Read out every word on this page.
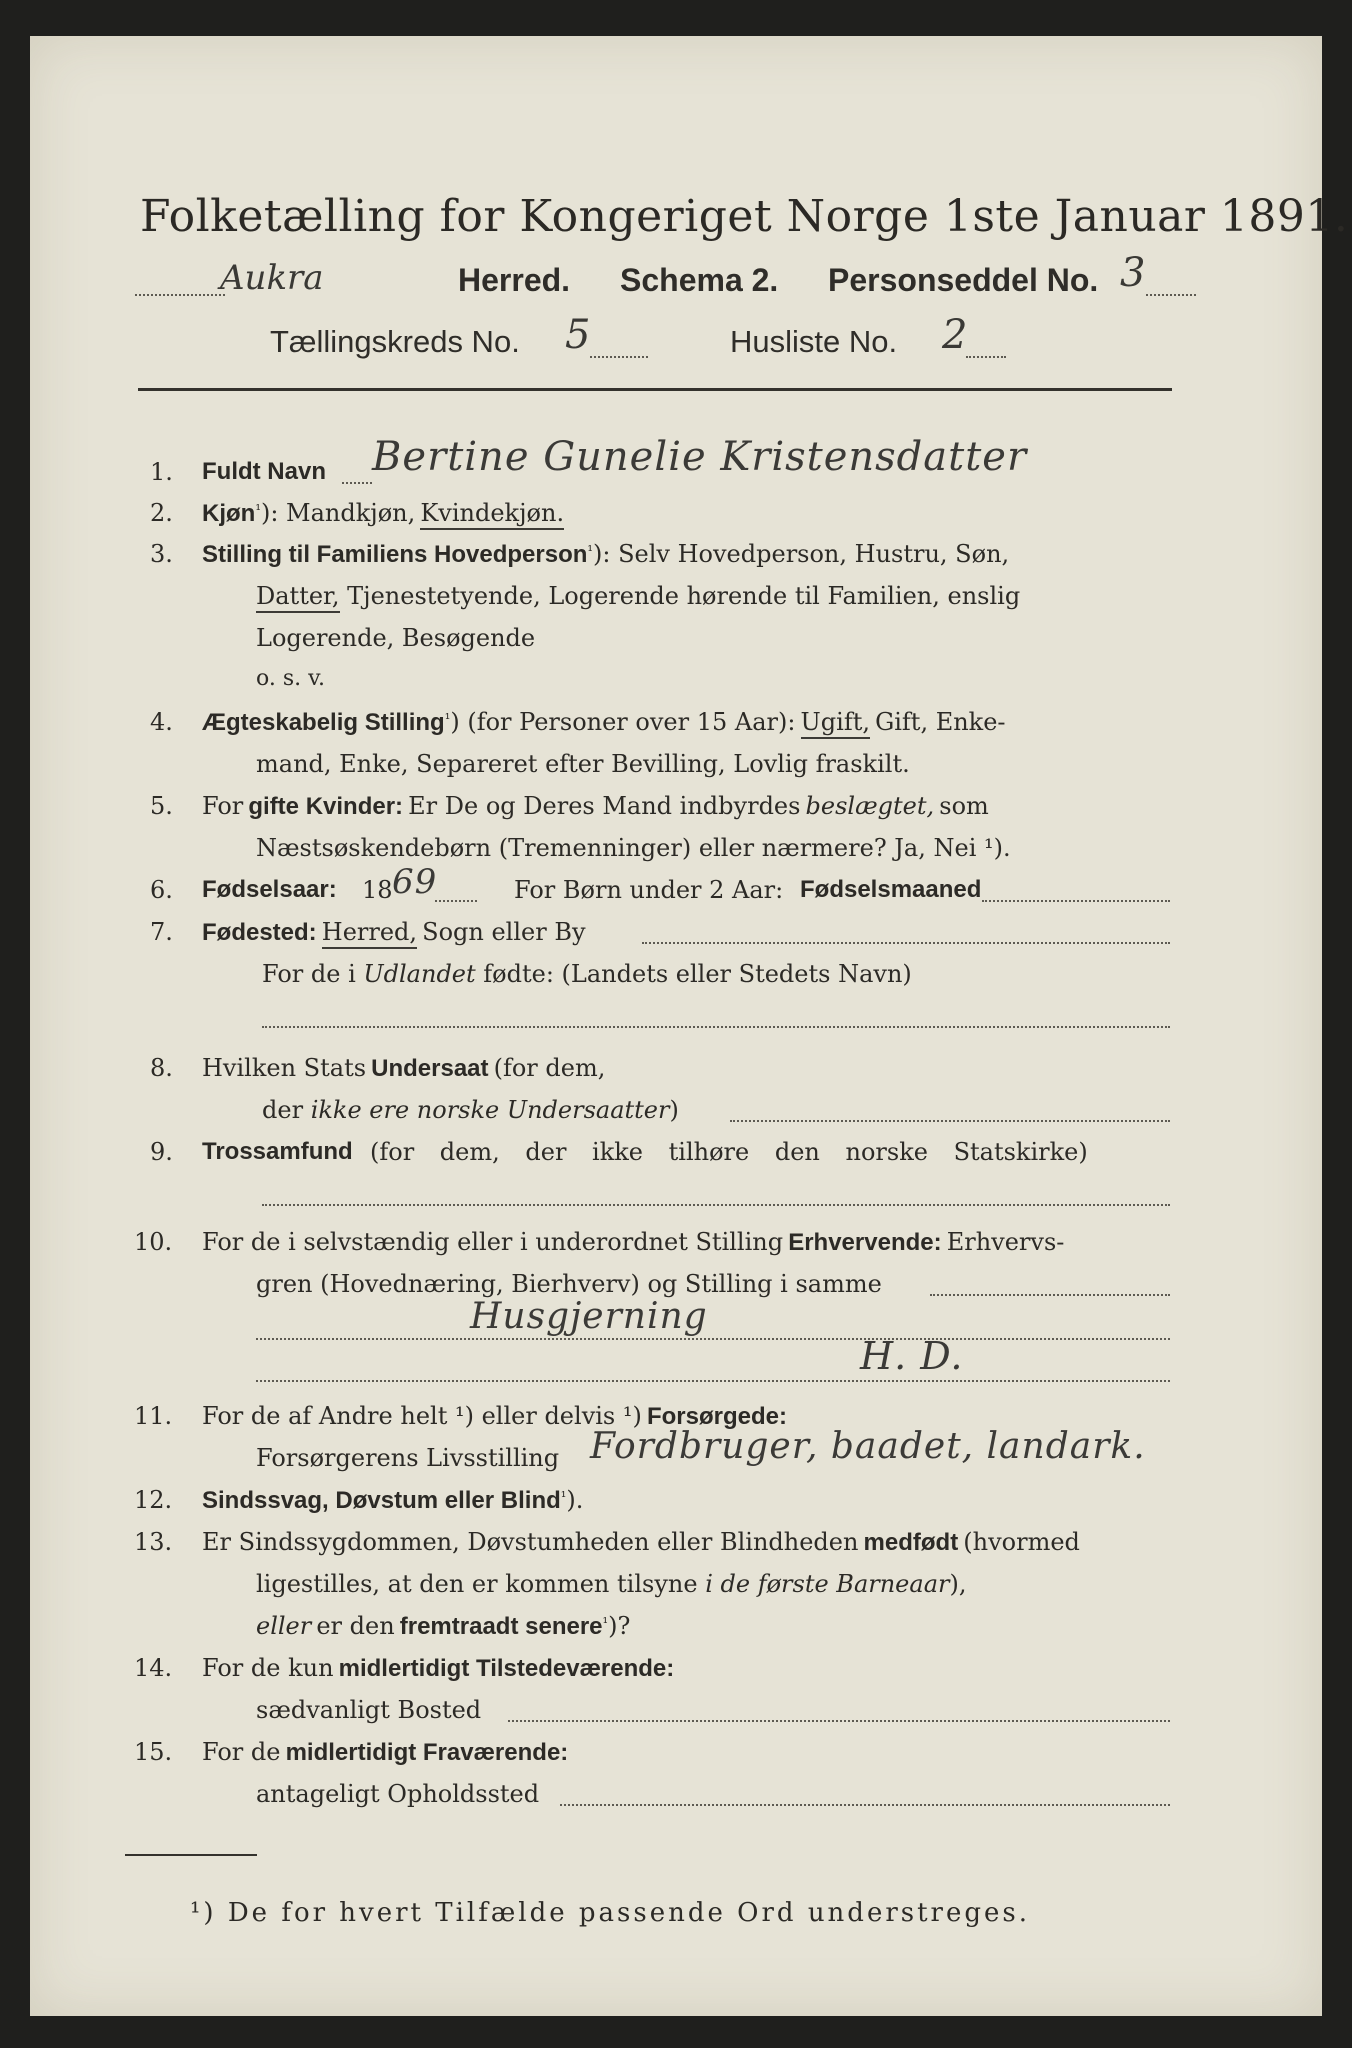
Folketælling for Kongeriget Norge 1ste Januar 1891.
Aukra	Herred. Schema 2. Personseddel No. 3
Tællingskreds No. 5	Husliste No. 2
1. Fuldt Navn Bertine Gunelie Kristensdatter
2. Kjøn$^{^1}$): Mandkjøn, Kvindekjøn.
3. Stilling til Familiens Hovedperson$^{^1}$): Selv Hovedperson, Hustru, Søn,
Datter, Tjenestetyende, Logerende hørende til Familien, enslig
Logerende, Besøgende
o. s. v.
4. Ægteskabelig Stilling$^{^1}$) (for Personer over 15 Aar): Ugift, Gift, Enke-
mand, Enke, Separeret efter Bevilling, Lovlig fraskilt.
5. For gifte Kvinder: Er De og Deres Mand indbyrdes beslægtet, som
Næstsøskendebørn (Tremenninger) eller nærmere? Ja, Nei ¹).
6. Fødselsaar: 18 69	For Børn under 2 Aar: Fødselsmaaned
7. Fødested: Herred, Sogn eller By
For de i Udlandet fødte: (Landets eller Stedets Navn)
8. Hvilken Stats Undersaat (for dem,
der ikke ere norske Undersaatter)
9. Trossamfund (for dem, der ikke tilhøre den norske Statskirke)
10. For de i selvstændig eller i underordnet Stilling Erhvervende: Erhvervs-
gren (Hovednæring, Bierhverv) og Stilling i samme
Husgjerning
H. D.
11. For de af Andre helt ¹) eller delvis ¹) Forsørgede:
Forsørgerens Livsstilling Fordbruger, baadet, landark.
12. Sindssvag, Døvstum eller Blind$^{^1}$).
13. Er Sindssygdommen, Døvstumheden eller Blindheden medfødt (hvormed
ligestilles, at den er kommen tilsyne i de første Barneaar),
eller er den fremtraadt senere$^{^1}$)?
14. For de kun midlertidigt Tilstedeværende:
sædvanligt Bosted
15. For de midlertidigt Fraværende:
antageligt Opholdssted
¹) De for hvert Tilfælde passende Ord understreges.
